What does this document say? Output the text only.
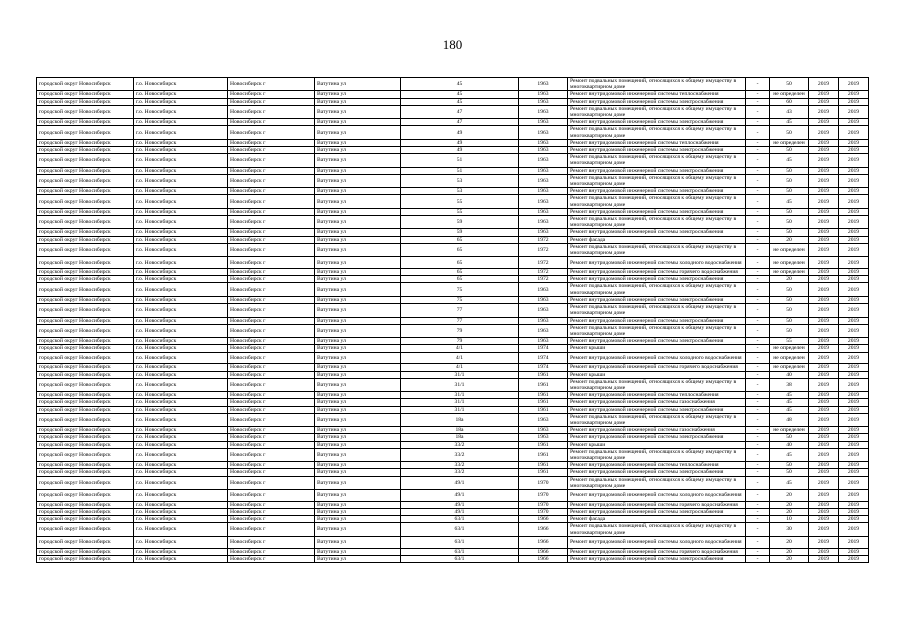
180
городской округ Новосибирск	г.о. Новосибирск	Новосибирск г	Ватутина ул	45	1963	Ремонт подвальных помещений, относящихся к общему имуществу в многоквартирном доме	-	50	2019	2019
городской округ Новосибирск	г.о. Новосибирск	Новосибирск г	Ватутина ул	45	1963	Ремонт внутридомовой инженерной системы теплоснабжения	-	не определен	2019	2019
городской округ Новосибирск	г.о. Новосибирск	Новосибирск г	Ватутина ул	45	1963	Ремонт внутридомовой инженерной системы электроснабжения	-	60	2019	2019
городской округ Новосибирск	г.о. Новосибирск	Новосибирск г	Ватутина ул	47	1963	Ремонт подвальных помещений, относящихся к общему имуществу в многоквартирном доме	-	43	2019	2019
городской округ Новосибирск	г.о. Новосибирск	Новосибирск г	Ватутина ул	47	1963	Ремонт внутридомовой инженерной системы электроснабжения	-	45	2019	2019
городской округ Новосибирск	г.о. Новосибирск	Новосибирск г	Ватутина ул	49	1963	Ремонт подвальных помещений, относящихся к общему имуществу в многоквартирном доме	-	50	2019	2019
городской округ Новосибирск	г.о. Новосибирск	Новосибирск г	Ватутина ул	49	1963	Ремонт внутридомовой инженерной системы теплоснабжения	-	не определен	2019	2019
городской округ Новосибирск	г.о. Новосибирск	Новосибирск г	Ватутина ул	49	1963	Ремонт внутридомовой инженерной системы электроснабжения	-	50	2019	2019
городской округ Новосибирск	г.о. Новосибирск	Новосибирск г	Ватутина ул	51	1963	Ремонт подвальных помещений, относящихся к общему имуществу в многоквартирном доме	-	45	2019	2019
городской округ Новосибирск	г.о. Новосибирск	Новосибирск г	Ватутина ул	51	1963	Ремонт внутридомовой инженерной системы электроснабжения	-	50	2019	2019
городской округ Новосибирск	г.о. Новосибирск	Новосибирск г	Ватутина ул	53	1963	Ремонт подвальных помещений, относящихся к общему имуществу в многоквартирном доме	-	50	2019	2019
городской округ Новосибирск	г.о. Новосибирск	Новосибирск г	Ватутина ул	53	1963	Ремонт внутридомовой инженерной системы электроснабжения	-	50	2019	2019
городской округ Новосибирск	г.о. Новосибирск	Новосибирск г	Ватутина ул	55	1963	Ремонт подвальных помещений, относящихся к общему имуществу в многоквартирном доме	-	45	2019	2019
городской округ Новосибирск	г.о. Новосибирск	Новосибирск г	Ватутина ул	55	1963	Ремонт внутридомовой инженерной системы электроснабжения	-	50	2019	2019
городской округ Новосибирск	г.о. Новосибирск	Новосибирск г	Ватутина ул	59	1963	Ремонт подвальных помещений, относящихся к общему имуществу в многоквартирном доме	-	50	2019	2019
городской округ Новосибирск	г.о. Новосибирск	Новосибирск г	Ватутина ул	59	1963	Ремонт внутридомовой инженерной системы электроснабжения	-	50	2019	2019
городской округ Новосибирск	г.о. Новосибирск	Новосибирск г	Ватутина ул	65	1972	Ремонт фасада	-	20	2019	2019
городской округ Новосибирск	г.о. Новосибирск	Новосибирск г	Ватутина ул	65	1972	Ремонт подвальных помещений, относящихся к общему имуществу в многоквартирном доме	-	не определен	2019	2019
городской округ Новосибирск	г.о. Новосибирск	Новосибирск г	Ватутина ул	65	1972	Ремонт внутридомовой инженерной системы холодного водоснабжения	-	не определен	2019	2019
городской округ Новосибирск	г.о. Новосибирск	Новосибирск г	Ватутина ул	65	1972	Ремонт внутридомовой инженерной системы горячего водоснабжения	-	не определен	2019	2019
городской округ Новосибирск	г.о. Новосибирск	Новосибирск г	Ватутина ул	65	1972	Ремонт внутридомовой инженерной системы электроснабжения	-	20	2019	2019
городской округ Новосибирск	г.о. Новосибирск	Новосибирск г	Ватутина ул	75	1963	Ремонт подвальных помещений, относящихся к общему имуществу в многоквартирном доме	-	50	2019	2019
городской округ Новосибирск	г.о. Новосибирск	Новосибирск г	Ватутина ул	75	1963	Ремонт внутридомовой инженерной системы электроснабжения	-	50	2019	2019
городской округ Новосибирск	г.о. Новосибирск	Новосибирск г	Ватутина ул	77	1963	Ремонт подвальных помещений, относящихся к общему имуществу в многоквартирном доме	-	50	2019	2019
городской округ Новосибирск	г.о. Новосибирск	Новосибирск г	Ватутина ул	77	1963	Ремонт внутридомовой инженерной системы электроснабжения	-	50	2019	2019
городской округ Новосибирск	г.о. Новосибирск	Новосибирск г	Ватутина ул	79	1963	Ремонт подвальных помещений, относящихся к общему имуществу в многоквартирном доме	-	50	2019	2019
городской округ Новосибирск	г.о. Новосибирск	Новосибирск г	Ватутина ул	79	1963	Ремонт внутридомовой инженерной системы электроснабжения	-	55	2019	2019
городской округ Новосибирск	г.о. Новосибирск	Новосибирск г	Ватутина ул	4/1	1974	Ремонт крыши	-	не определен	2019	2019
городской округ Новосибирск	г.о. Новосибирск	Новосибирск г	Ватутина ул	4/1	1974	Ремонт внутридомовой инженерной системы холодного водоснабжения	-	не определен	2019	2019
городской округ Новосибирск	г.о. Новосибирск	Новосибирск г	Ватутина ул	4/1	1974	Ремонт внутридомовой инженерной системы горячего водоснабжения	-	не определен	2019	2019
городской округ Новосибирск	г.о. Новосибирск	Новосибирск г	Ватутина ул	31/1	1961	Ремонт крыши	-	40	2019	2019
городской округ Новосибирск	г.о. Новосибирск	Новосибирск г	Ватутина ул	31/1	1961	Ремонт подвальных помещений, относящихся к общему имуществу в многоквартирном доме	-	38	2019	2019
городской округ Новосибирск	г.о. Новосибирск	Новосибирск г	Ватутина ул	31/1	1961	Ремонт внутридомовой инженерной системы теплоснабжения	-	45	2019	2019
городской округ Новосибирск	г.о. Новосибирск	Новосибирск г	Ватутина ул	31/1	1961	Ремонт внутридомовой инженерной системы газоснабжения	-	45	2019	2019
городской округ Новосибирск	г.о. Новосибирск	Новосибирск г	Ватутина ул	31/1	1961	Ремонт внутридомовой инженерной системы электроснабжения	-	45	2019	2019
городской округ Новосибирск	г.о. Новосибирск	Новосибирск г	Ватутина ул	18а	1963	Ремонт подвальных помещений, относящихся к общему имуществу в многоквартирном доме	-	48	2019	2019
городской округ Новосибирск	г.о. Новосибирск	Новосибирск г	Ватутина ул	18а	1963	Ремонт внутридомовой инженерной системы газоснабжения	-	не определен	2019	2019
городской округ Новосибирск	г.о. Новосибирск	Новосибирск г	Ватутина ул	18а	1963	Ремонт внутридомовой инженерной системы электроснабжения	-	50	2019	2019
городской округ Новосибирск	г.о. Новосибирск	Новосибирск г	Ватутина ул	33/2	1961	Ремонт крыши	-	40	2019	2019
городской округ Новосибирск	г.о. Новосибирск	Новосибирск г	Ватутина ул	33/2	1961	Ремонт подвальных помещений, относящихся к общему имуществу в многоквартирном доме	-	45	2019	2019
городской округ Новосибирск	г.о. Новосибирск	Новосибирск г	Ватутина ул	33/2	1961	Ремонт внутридомовой инженерной системы теплоснабжения	-	50	2019	2019
городской округ Новосибирск	г.о. Новосибирск	Новосибирск г	Ватутина ул	33/2	1961	Ремонт внутридомовой инженерной системы электроснабжения	-	50	2019	2019
городской округ Новосибирск	г.о. Новосибирск	Новосибирск г	Ватутина ул	49/1	1970	Ремонт подвальных помещений, относящихся к общему имуществу в многоквартирном доме	-	45	2019	2019
городской округ Новосибирск	г.о. Новосибирск	Новосибирск г	Ватутина ул	49/1	1970	Ремонт внутридомовой инженерной системы холодного водоснабжения	-	20	2019	2019
городской округ Новосибирск	г.о. Новосибирск	Новосибирск г	Ватутина ул	49/1	1970	Ремонт внутридомовой инженерной системы горячего водоснабжения	-	20	2019	2019
городской округ Новосибирск	г.о. Новосибирск	Новосибирск г	Ватутина ул	49/1	1970	Ремонт внутридомовой инженерной системы электроснабжения	-	20	2019	2019
городской округ Новосибирск	г.о. Новосибирск	Новосибирск г	Ватутина ул	63/1	1966	Ремонт фасада	-	10	2019	2019
городской округ Новосибирск	г.о. Новосибирск	Новосибирск г	Ватутина ул	63/1	1966	Ремонт подвальных помещений, относящихся к общему имуществу в многоквартирном доме	-	30	2019	2019
городской округ Новосибирск	г.о. Новосибирск	Новосибирск г	Ватутина ул	63/1	1966	Ремонт внутридомовой инженерной системы холодного водоснабжения	-	20	2019	2019
городской округ Новосибирск	г.о. Новосибирск	Новосибирск г	Ватутина ул	63/1	1966	Ремонт внутридомовой инженерной системы горячего водоснабжения	-	20	2019	2019
городской округ Новосибирск	г.о. Новосибирск	Новосибирск г	Ватутина ул	63/1	1966	Ремонт внутридомовой инженерной системы электроснабжения	-	20	2019	2019
